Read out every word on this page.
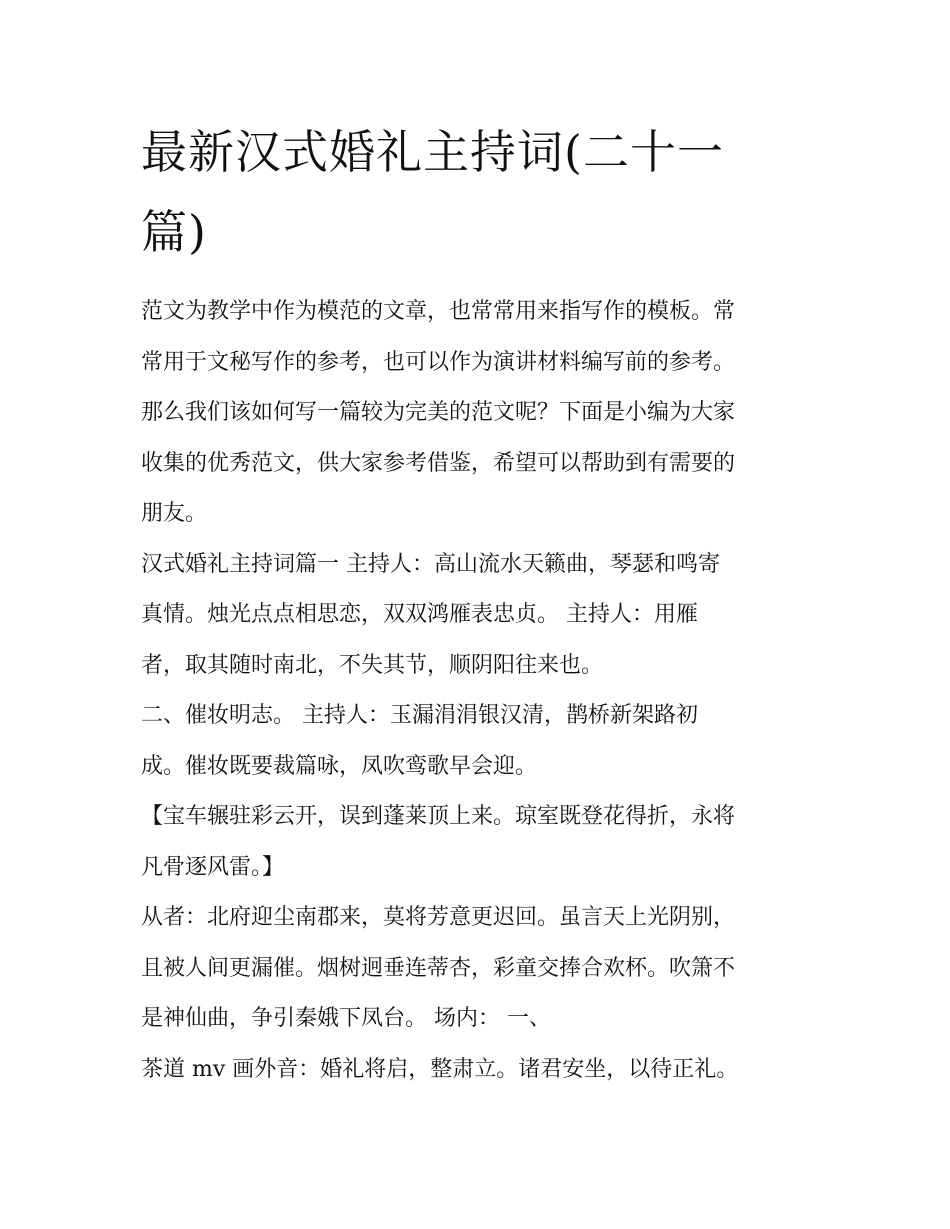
最新汉式婚礼主持词(二十一
篇)

范文为教学中作为模范的文章，也常常用来指写作的模板。常
常用于文秘写作的参考，也可以作为演讲材料编写前的参考。
那么我们该如何写一篇较为完美的范文呢？下面是小编为大家
收集的优秀范文，供大家参考借鉴，希望可以帮助到有需要的
朋友。

汉式婚礼主持词篇一 主持人：高山流水天籁曲，琴瑟和鸣寄
真情。烛光点点相思恋，双双鸿雁表忠贞。 主持人：用雁
者，取其随时南北，不失其节，顺阴阳往来也。

二、催妆明志。 主持人：玉漏涓涓银汉清，鹊桥新架路初
成。催妆既要裁篇咏，凤吹鸾歌早会迎。

【宝车辗驻彩云开，误到蓬莱顶上来。琼室既登花得折，永将
凡骨逐风雷。】

从者：北府迎尘南郡来，莫将芳意更迟回。虽言天上光阴别，
且被人间更漏催。烟树迥垂连蒂杏，彩童交捧合欢杯。吹箫不
是神仙曲，争引秦娥下凤台。 场内： 一、

茶道 mv 画外音：婚礼将启，整肃立。诸君安坐，以待正礼。
